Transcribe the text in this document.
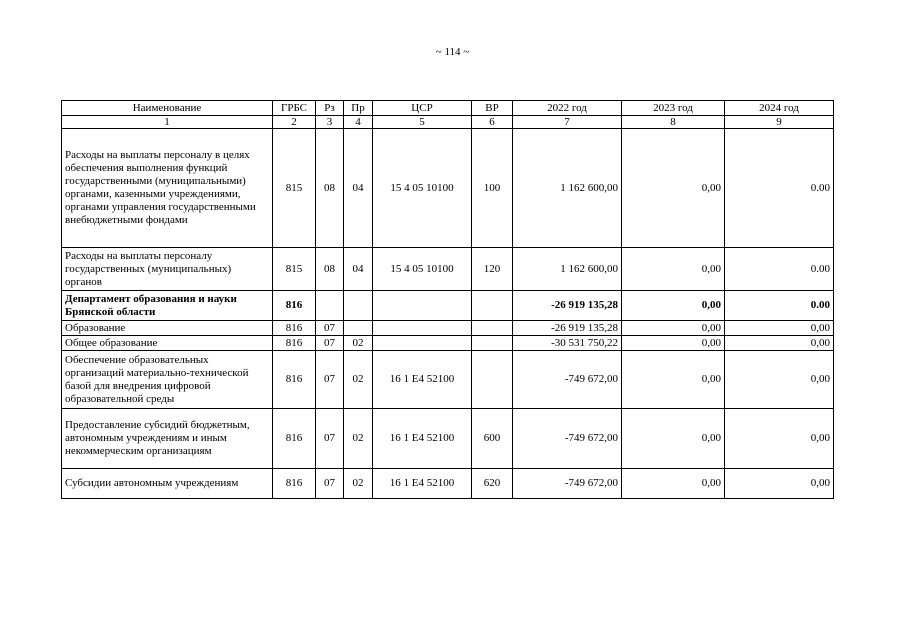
~ 114 ~
Наименование	ГРБС	Рз	Пр	ЦСР	ВР	2022 год	2023 год	2024 год
1	2	3	4	5	6	7	8	9
Расходы на выплаты персоналу в целях обеспечения выполнения функций государственными (муниципальными) органами, казенными учреждениями, органами управления государственными внебюджетными фондами	815	08	04	15 4 05 10100	100	1 162 600,00	0,00	0.00
Расходы на выплаты персоналу государственных (муниципальных) органов	815	08	04	15 4 05 10100	120	1 162 600,00	0,00	0.00
Департамент образования и науки Брянской области	816					-26 919 135,28	0,00	0.00
Образование	816	07				-26 919 135,28	0,00	0,00
Общее образование	816	07	02			-30 531 750,22	0,00	0,00
Обеспечение образовательных организаций материально-технической базой для внедрения цифровой образовательной среды	816	07	02	16 1 E4 52100		-749 672,00	0,00	0,00
Предоставление субсидий бюджетным, автономным учреждениям и иным некоммерческим организациям	816	07	02	16 1 E4 52100	600	-749 672,00	0,00	0,00
Субсидии автономным учреждениям	816	07	02	16 1 E4 52100	620	-749 672,00	0,00	0,00
